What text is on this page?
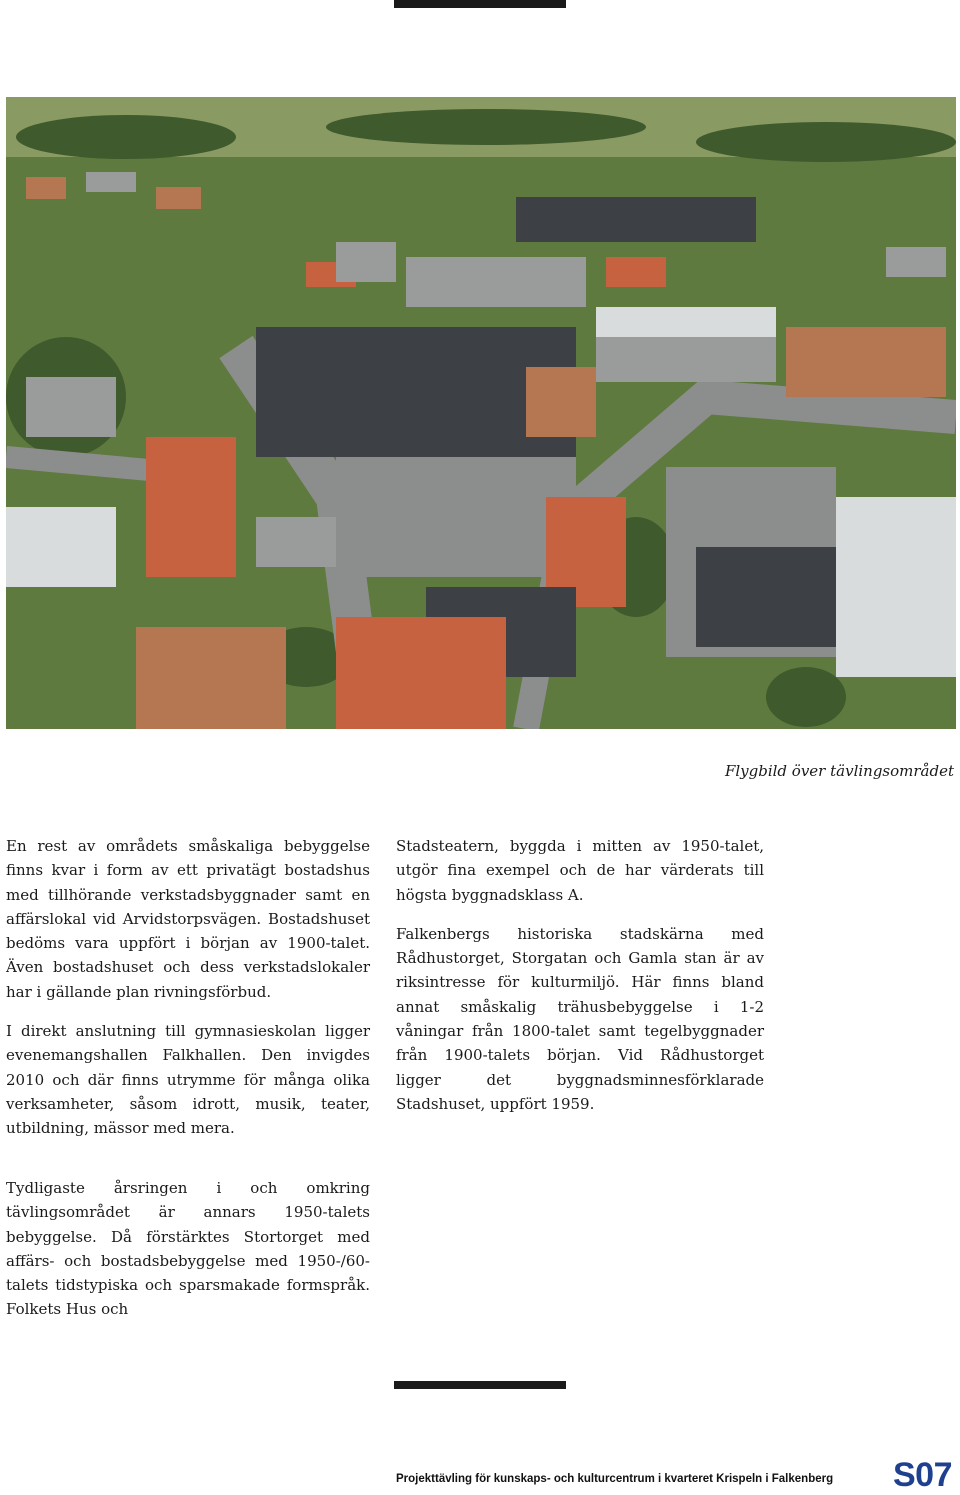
Flygbild över tävlingsområdet

En rest av områdets småskaliga bebyggelse finns kvar i form av ett privatägt bostadshus med tillhörande verkstadsbyggnader samt en affärslokal vid Arvidstorpsvägen. Bostadshuset bedöms vara uppfört i början av 1900-talet. Även bostadshuset och dess verkstadslokaler har i gällande plan rivningsförbud.

I direkt anslutning till gymnasieskolan ligger evenemangshallen Falkhallen. Den invigdes 2010 och där finns utrymme för många olika verksamheter, såsom idrott, musik, teater, utbildning, mässor med mera.

Tydligaste årsringen i och omkring tävlingsområdet är annars 1950-talets bebyggelse. Då förstärktes Stortorget med affärs- och bostadsbebyggelse med 1950-/60-talets tidstypiska och sparsmakade formspråk. Folkets Hus och

Stadsteatern, byggda i mitten av 1950-talet, utgör fina exempel och de har värderats till högsta byggnadsklass A.

Falkenbergs historiska stadskärna med Rådhustorget, Storgatan och Gamla stan är av riksintresse för kulturmiljö. Här finns bland annat småskalig trähusbebyggelse i 1-2 våningar från 1800-talet samt tegelbyggnader från 1900-talets början. Vid Rådhustorget ligger det byggnadsminnesförklarade Stadshuset, uppfört 1959.

Projekttävling för kunskaps- och kulturcentrum i kvarteret Krispeln i Falkenberg S07
